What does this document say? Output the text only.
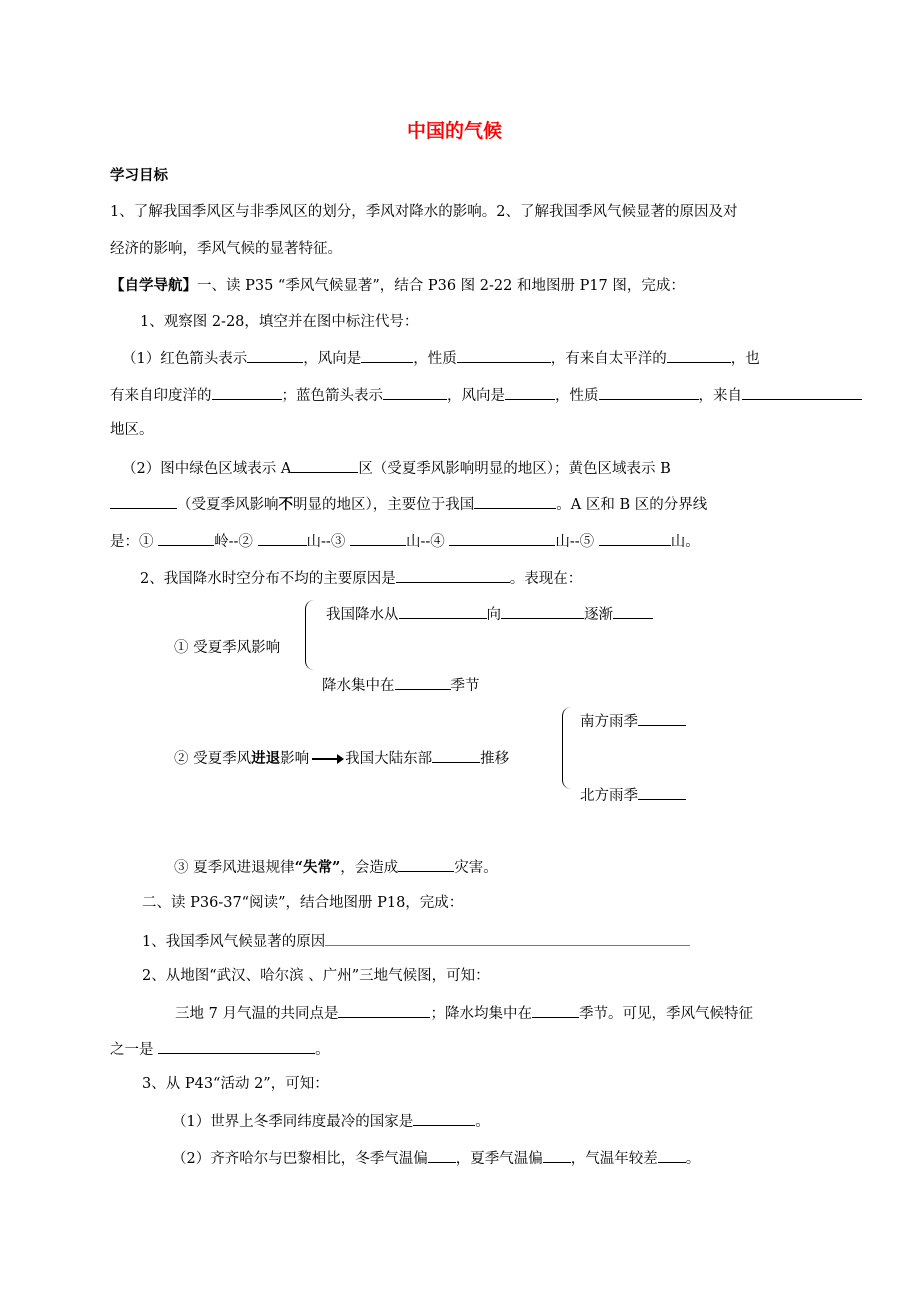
中国的气候
学习目标
1、了解我国季风区与非季风区的划分，季风对降水的影响。2、了解我国季风气候显著的原因及对
经济的影响，季风气候的显著特征。
【自学导航】一、读 P35 “季风气候显著”，结合 P36 图 2-22 和地图册 P17 图，完成：
1、观察图 2-28，填空并在图中标注代号：
（1）红色箭头表示	，风向是	，性质	，有来自太平洋的	，也
有来自印度洋的	；蓝色箭头表示	，风向是	，性质	，来自
地区。
（2）图中绿色区域表示 A	区（受夏季风影响明显的地区）；黄色区域表示 B
（受夏季风影响不明显的地区），主要位于我国	。A 区和 B 区的分界线
是：①	岭--②	山--③	山--④	山--⑤	山。
2、我国降水时空分布不均的主要原因是	。表现在：
我国降水从	向	逐渐
① 受夏季风影响
降水集中在	季节
南方雨季
② 受夏季风进退影响 我国大陆东部	推移
北方雨季
③ 夏季风进退规律“失常”，会造成	灾害。
二、读 P36-37“阅读”，结合地图册 P18，完成：
1、我国季风气候显著的原因
2、从地图“武汉、哈尔滨 、广州”三地气候图，可知：
三地 7 月气温的共同点是	；降水均集中在	季节。可见，季风气候特征
之一是	。
3、从 P43“活动 2”，可知：
（1）世界上冬季同纬度最冷的国家是	。
（2）齐齐哈尔与巴黎相比，冬季气温偏 ，夏季气温偏 ，气温年较差 。
